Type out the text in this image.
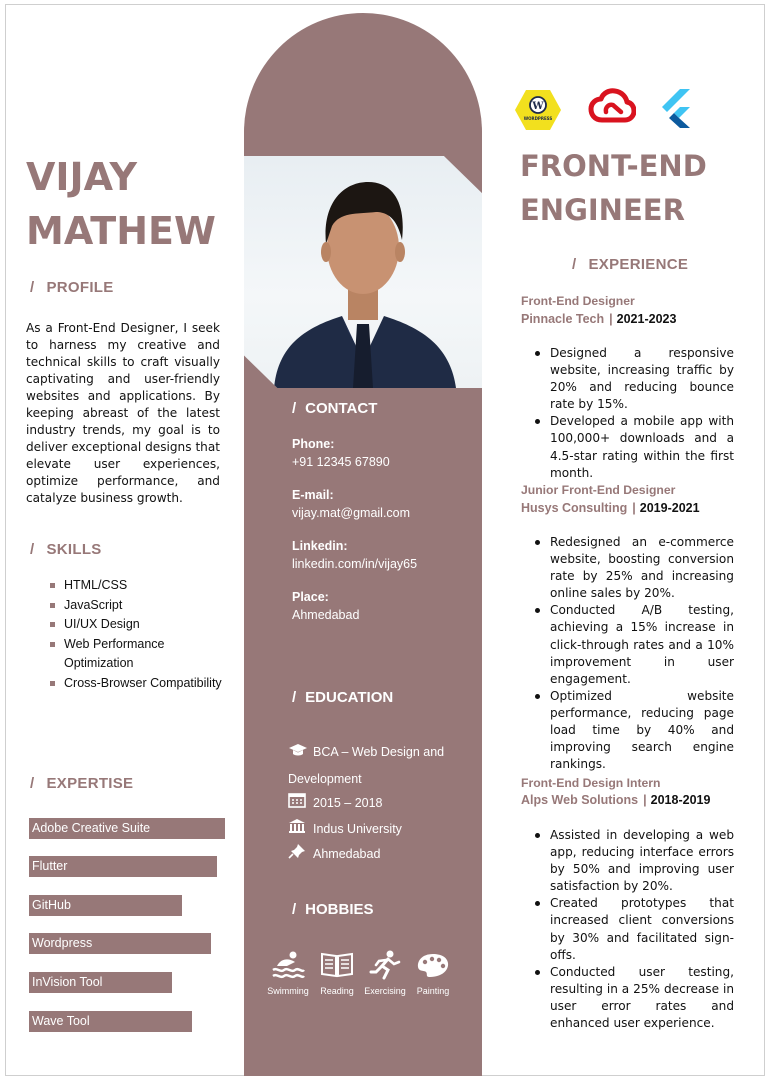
VIJAY
MATHEW
/ PROFILE

As a Front-End Designer, I seek to harness my creative and technical skills to craft visually captivating and user-friendly websites and applications. By keeping abreast of the latest industry trends, my goal is to deliver exceptional designs that elevate user experiences, optimize performance, and catalyze business growth.

/ SKILLS
HTML/CSS
JavaScript
UI/UX Design
Web Performance Optimization
Cross-Browser Compatibility
/ EXPERTISE
Adobe Creative Suite
Flutter
GitHub
Wordpress
InVision Tool
Wave Tool
/ CONTACT
Phone:
+91 12345 67890
E-mail:
vijay.mat@gmail.com
Linkedin:
linkedin.com/in/vijay65
Place:
Ahmedabad
/ EDUCATION
BCA – Web Design and
Development
2015 – 2018
Indus University
Ahmedabad
/ HOBBIES
Swimming	Reading	Exercising	Painting
W
WORDPRESS
FRONT-END
ENGINEER
/ EXPERIENCE
Front-End Designer
Pinnacle Tech | 2021-2023
Designed a responsive website, increasing traffic by 20% and reducing bounce rate by 15%.
Developed a mobile app with 100,000+ downloads and a 4.5-star rating within the first month.
Junior Front-End Designer
Husys Consulting | 2019-2021
Redesigned an e-commerce website, boosting conversion rate by 25% and increasing online sales by 20%.
Conducted A/B testing, achieving a 15% increase in click-through rates and a 10% improvement in user engagement.
Optimized website performance, reducing page load time by 40% and improving search engine rankings.
Front-End Design Intern
Alps Web Solutions | 2018-2019
Assisted in developing a web app, reducing interface errors by 50% and improving user satisfaction by 20%.
Created prototypes that increased client conversions by 30% and facilitated sign-offs.
Conducted user testing, resulting in a 25% decrease in user error rates and enhanced user experience.
